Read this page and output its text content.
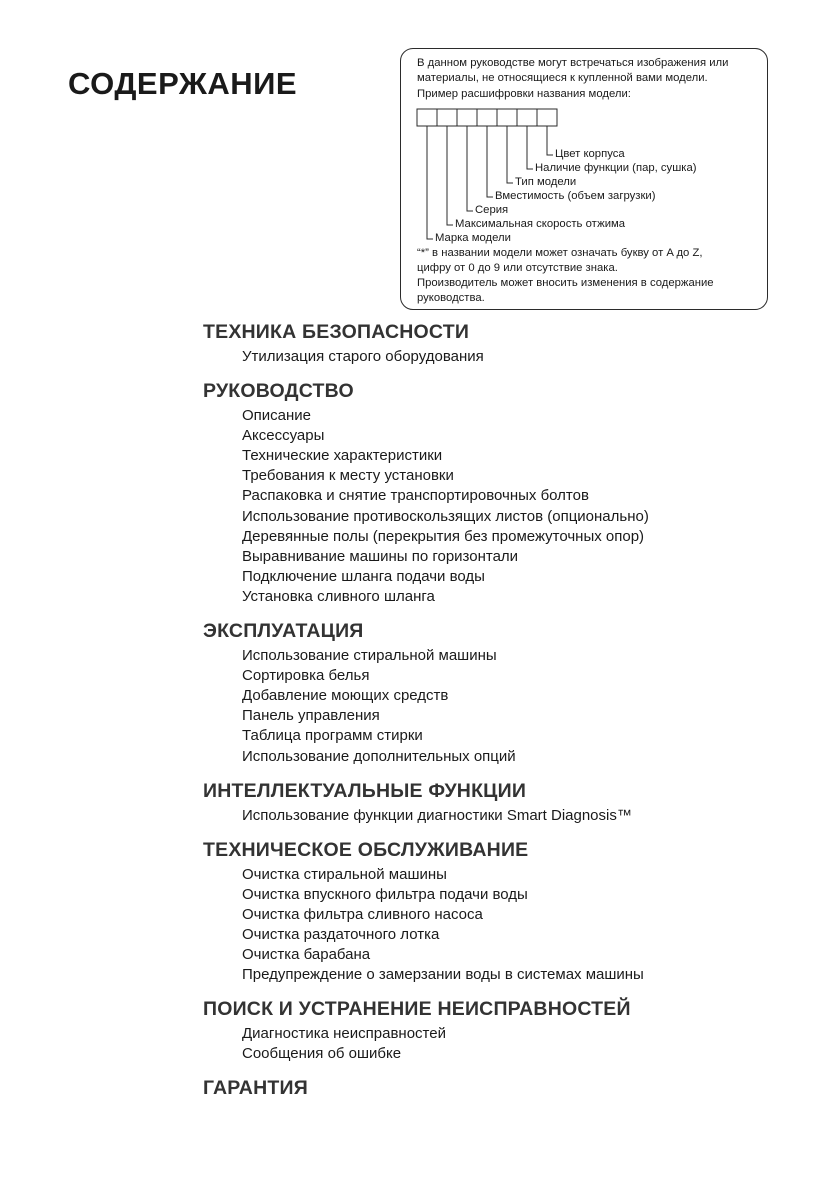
СОДЕРЖАНИЕ
В данном руководстве могут встречаться изображения или
материалы, не относящиеся к купленной вами модели.
Пример расшифровки названия модели:
Цвет корпуса
Наличие функции (пар, сушка)
Тип модели
Вместимость (объем загрузки)
Серия
Максимальная скорость отжима
Марка модели
“*” в названии модели может означать букву от A до Z,
цифру от 0 до 9 или отсутствие знака.
Производитель может вносить изменения в содержание
руководства.
ТЕХНИКА БЕЗОПАСНОСТИ
Утилизация старого оборудования
РУКОВОДСТВО
Описание
Аксессуары
Технические характеристики
Требования к месту установки
Распаковка и снятие транспортировочных болтов
Использование противоскользящих листов (опционально)
Деревянные полы (перекрытия без промежуточных опор)
Выравнивание машины по горизонтали
Подключение шланга подачи воды
Установка сливного шланга
ЭКСПЛУАТАЦИЯ
Использование стиральной машины
Сортировка белья
Добавление моющих средств
Панель управления
Таблица программ стирки
Использование дополнительных опций
ИНТЕЛЛЕКТУАЛЬНЫЕ ФУНКЦИИ
Использование функции диагностики Smart Diagnosis™
ТЕХНИЧЕСКОЕ ОБСЛУЖИВАНИЕ
Очистка стиральной машины
Очистка впускного фильтра подачи воды
Очистка фильтра сливного насоса
Очистка раздаточного лотка
Очистка барабана
Предупреждение о замерзании воды в системах машины
ПОИСК И УСТРАНЕНИЕ НЕИСПРАВНОСТЕЙ
Диагностика неисправностей
Сообщения об ошибке
ГАРАНТИЯ
